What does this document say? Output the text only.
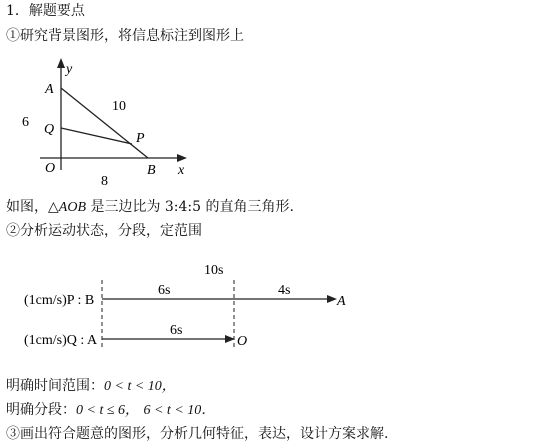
1．解题要点
①研究背景图形，将信息标注到图形上
y
A
Q
O	B
P
x
10
6
8
10s
6s	4s
A
(1cm/s)P : B
6s
O
(1cm/s)Q : A
如图，△AOB 是三边比为 3:4:5 的直角三角形.
②分析运动状态，分段，定范围
明确时间范围：0 < t < 10，
明确分段：0 < t ≤ 6， 6 < t < 10．
③画出符合题意的图形，分析几何特征，表达，设计方案求解.
